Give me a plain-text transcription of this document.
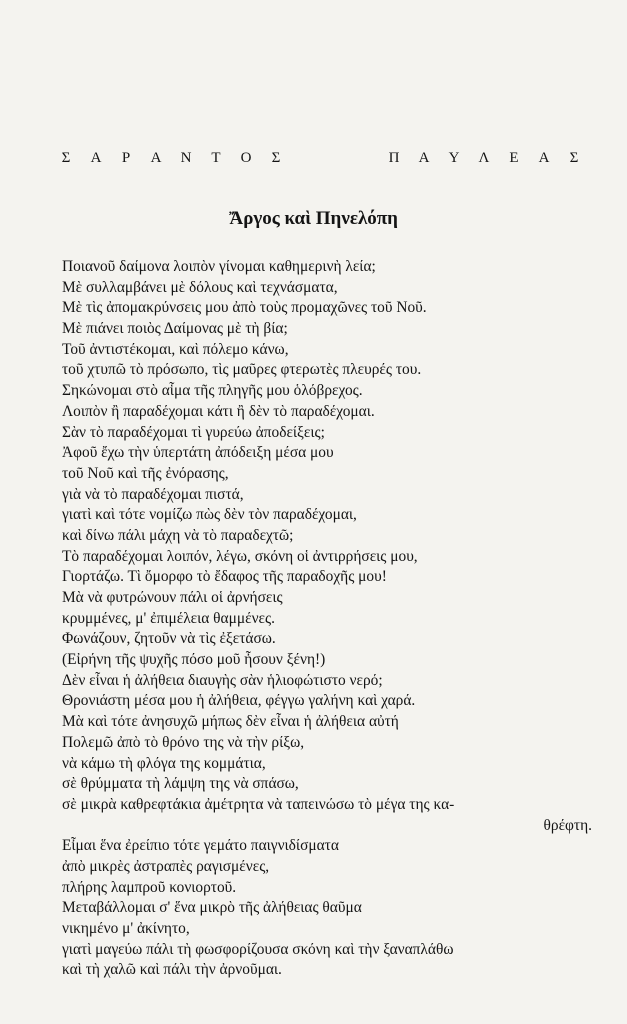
Σ Α Ρ Α Ν Τ Ο Σ	Π Α Υ Λ Ε Α Σ
Ἄργος καὶ Πηνελόπη
Ποιανοῦ δαίμονα λοιπὸν γίνομαι καθημερινὴ λεία;
Μὲ συλλαμβάνει μὲ δόλους καὶ τεχνάσματα,
Μὲ τὶς ἀπομακρύνσεις μου ἀπὸ τοὺς προμαχῶνες τοῦ Νοῦ.
Μὲ πιάνει ποιὸς Δαίμονας μὲ τὴ βία;
Τοῦ ἀντιστέκομαι, καὶ πόλεμο κάνω,
τοῦ χτυπῶ τὸ πρόσωπο, τὶς μαῦρες φτερωτὲς πλευρές του.
Σηκώνομαι στὸ αἷμα τῆς πληγῆς μου ὁλόβρεχος.
Λοιπὸν ἢ παραδέχομαι κάτι ἢ δὲν τὸ παραδέχομαι.
Σὰν τὸ παραδέχομαι τὶ γυρεύω ἀποδείξεις;
Ἀφοῦ ἔχω τὴν ὑπερτάτη ἀπόδειξη μέσα μου
τοῦ Νοῦ καὶ τῆς ἐνόρασης,
γιὰ νὰ τὸ παραδέχομαι πιστά,
γιατὶ καὶ τότε νομίζω πὼς δὲν τὸν παραδέχομαι,
καὶ δίνω πάλι μάχη νὰ τὸ παραδεχτῶ;
Τὸ παραδέχομαι λοιπόν, λέγω, σκόνη οἱ ἀντιρρήσεις μου,
Γιορτάζω. Τὶ ὄμορφο τὸ ἔδαφος τῆς παραδοχῆς μου!
Μὰ νὰ φυτρώνουν πάλι οἱ ἀρνήσεις
κρυμμένες, μ' ἐπιμέλεια θαμμένες.
Φωνάζουν, ζητοῦν νὰ τὶς ἐξετάσω.
(Εἰρήνη τῆς ψυχῆς πόσο μοῦ ἦσουν ξένη!)
Δὲν εἶναι ἡ ἀλήθεια διαυγὴς σὰν ἡλιοφώτιστο νερό;
Θρονιάστη μέσα μου ἡ ἀλήθεια, φέγγω γαλήνη καὶ χαρά.
Μὰ καὶ τότε ἀνησυχῶ μήπως δὲν εἶναι ἡ ἀλήθεια αὐτή
Πολεμῶ ἀπὸ τὸ θρόνο της νὰ τὴν ρίξω,
νὰ κάμω τὴ φλόγα της κομμάτια,
σὲ θρύμματα τὴ λάμψη της νὰ σπάσω,
σὲ μικρὰ καθρεφτάκια ἀμέτρητα νὰ ταπεινώσω τὸ μέγα της κα-
θρέφτη.
Εἶμαι ἕνα ἐρείπιο τότε γεμάτο παιγνιδίσματα
ἀπὸ μικρὲς ἀστραπὲς ραγισμένες,
πλήρης λαμπροῦ κονιορτοῦ.
Μεταβάλλομαι σ' ἕνα μικρὸ τῆς ἀλήθειας θαῦμα
νικημένο μ' ἀκίνητο,
γιατὶ μαγεύω πάλι τὴ φωσφορίζουσα σκόνη καὶ τὴν ξαναπλάθω
καὶ τὴ χαλῶ καὶ πάλι τὴν ἀρνοῦμαι.
